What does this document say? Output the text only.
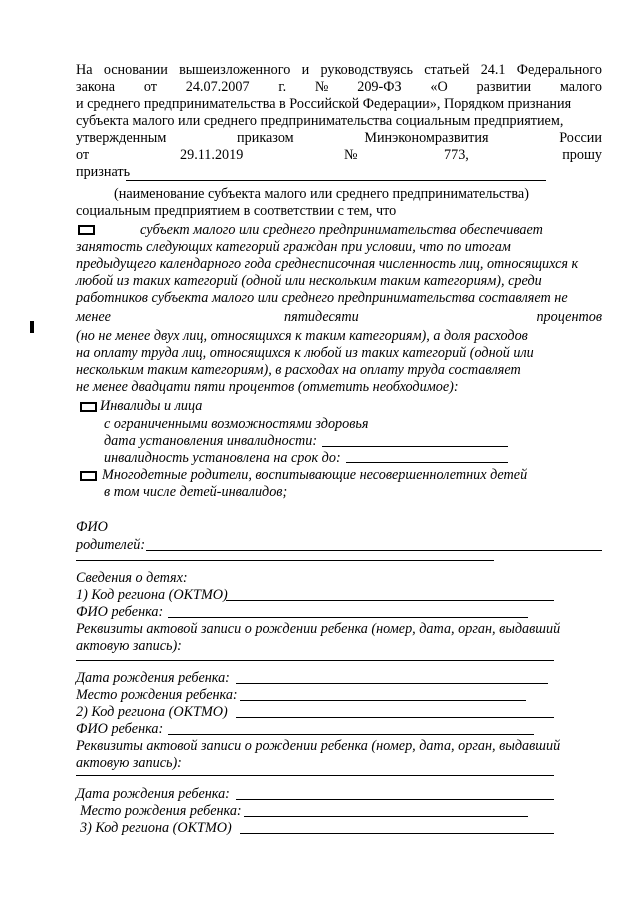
На основании вышеизложенного и руководствуясь статьей 24.1 Федерального
закона от 24.07.2007 г. № 209-ФЗ «О развитии малого
и среднего предпринимательства в Российской Федерации», Порядком признания
субъекта малого или среднего предпринимательства социальным предприятием,
утвержденным	приказом	Минэкономразвития	России
от	29.11.2019	№	773,	прошу
признать
(наименование субъекта малого или среднего предпринимательства)
социальным предприятием в соответствии с тем, что
субъект малого или среднего предпринимательства обеспечивает
занятость следующих категорий граждан при условии, что по итогам
предыдущего календарного года среднесписочная численность лиц, относящихся к
любой из таких категорий (одной или нескольким таким категориям), среди
работников субъекта малого или среднего предпринимательства составляет не
менее	пятидесяти	процентов
(но не менее двух лиц, относящихся к таким категориям), а доля расходов
на оплату труда лиц, относящихся к любой из таких категорий (одной или
нескольким таким категориям), в расходах на оплату труда составляет
не менее двадцати пяти процентов (отметить необходимое):
Инвалиды и лица
с ограниченными возможностями здоровья
дата установления инвалидности:
инвалидность установлена на срок до:
Многодетные родители, воспитывающие несовершеннолетних детей
в том числе детей-инвалидов;
ФИО
родителей:
Сведения о детях:
1) Код региона (ОКТМО)
ФИО ребенка:
Реквизиты актовой записи о рождении ребенка (номер, дата, орган, выдавший
актовую запись):
Дата рождения ребенка:
Место рождения ребенка:
2) Код региона (ОКТМО)
ФИО ребенка:
Реквизиты актовой записи о рождении ребенка (номер, дата, орган, выдавший
актовую запись):
Дата рождения ребенка:
Место рождения ребенка:
3) Код региона (ОКТМО)
